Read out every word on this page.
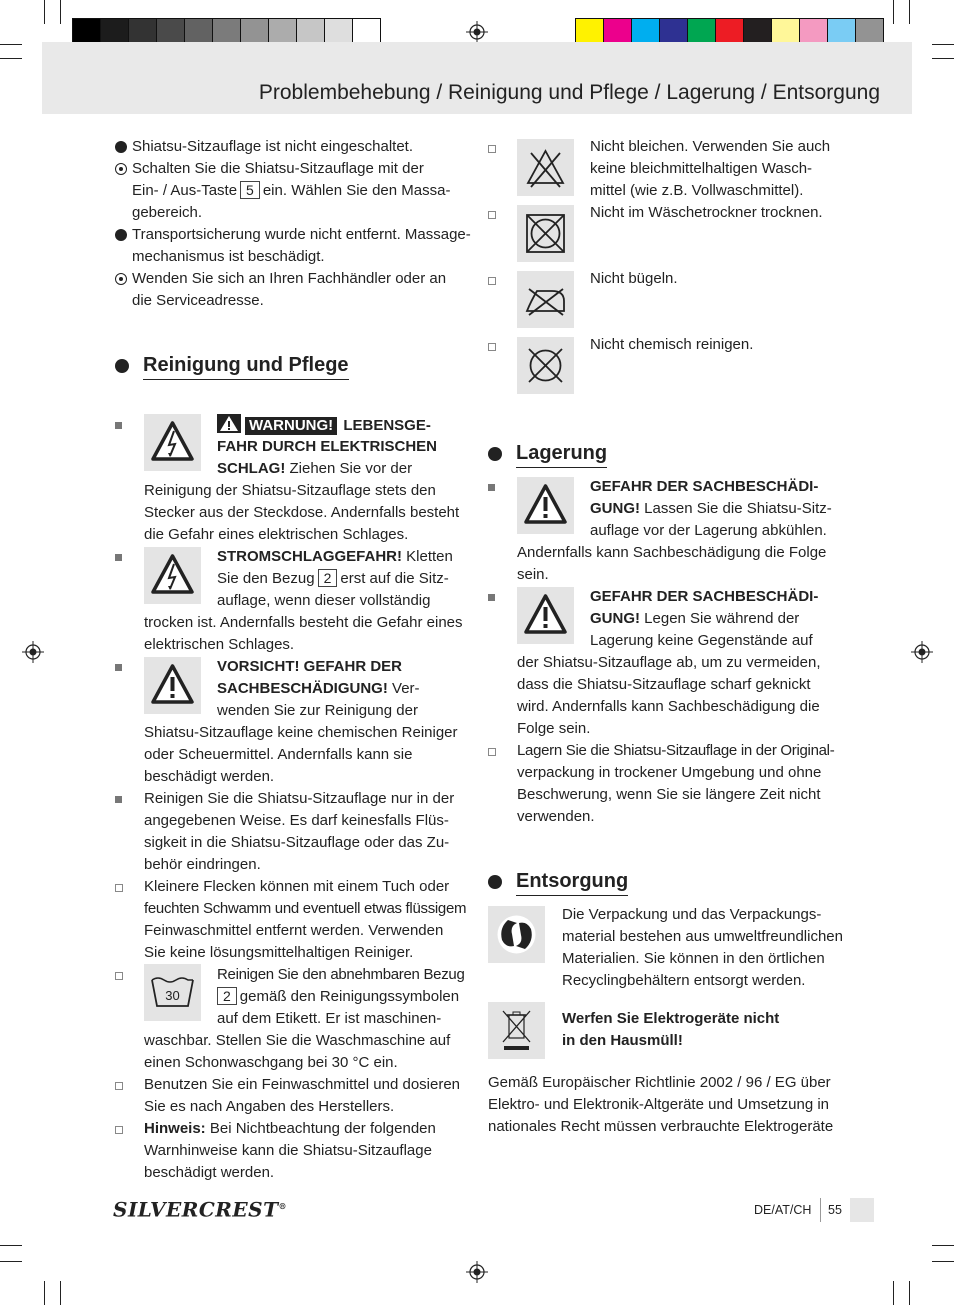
Problembehebung / Reinigung und Pflege / Lagerung / Entsorgung
Shiatsu-Sitzauflage ist nicht eingeschaltet.
Schalten Sie die Shiatsu-Sitzauflage mit der
Ein- / Aus-Taste 5 ein. Wählen Sie den Massa-
gebereich.
Transportsicherung wurde nicht entfernt. Massage-
mechanismus ist beschädigt.
Wenden Sie sich an Ihren Fachhändler oder an
die Serviceadresse.
Reinigung und Pflege
WARNUNG! LEBENSGE-
FAHR DURCH ELEKTRISCHEN
SCHLAG! Ziehen Sie vor der
Reinigung der Shiatsu-Sitzauflage stets den
Stecker aus der Steckdose. Andernfalls besteht
die Gefahr eines elektrischen Schlages.
STROMSCHLAGGEFAHR! Kletten
Sie den Bezug 2 erst auf die Sitz-
auflage, wenn dieser vollständig
trocken ist. Andernfalls besteht die Gefahr eines
elektrischen Schlages.
VORSICHT! GEFAHR DER
SACHBESCHÄDIGUNG! Ver-
wenden Sie zur Reinigung der
Shiatsu-Sitzauflage keine chemischen Reiniger
oder Scheuermittel. Andernfalls kann sie
beschädigt werden.
Reinigen Sie die Shiatsu-Sitzauflage nur in der
angegebenen Weise. Es darf keinesfalls Flüs-
sigkeit in die Shiatsu-Sitzauflage oder das Zu-
behör eindringen.
Kleinere Flecken können mit einem Tuch oder
feuchten Schwamm und eventuell etwas flüssigem
Feinwaschmittel entfernt werden. Verwenden
Sie keine lösungsmittelhaltigen Reiniger.
30
Reinigen Sie den abnehmbaren Bezug
2 gemäß den Reinigungssymbolen
auf dem Etikett. Er ist maschinen-
waschbar. Stellen Sie die Waschmaschine auf
einen Schonwaschgang bei 30 °C ein.
Benutzen Sie ein Feinwaschmittel und dosieren
Sie es nach Angaben des Herstellers.
Hinweis: Bei Nichtbeachtung der folgenden
Warnhinweise kann die Shiatsu-Sitzauflage
beschädigt werden.
Nicht bleichen. Verwenden Sie auch
keine bleichmittelhaltigen Wasch-
mittel (wie z.B. Vollwaschmittel).
Nicht im Wäschetrockner trocknen.
Nicht bügeln.
Nicht chemisch reinigen.
Lagerung
GEFAHR DER SACHBESCHÄDI-
GUNG! Lassen Sie die Shiatsu-Sitz-
auflage vor der Lagerung abkühlen.
Andernfalls kann Sachbeschädigung die Folge
sein.
GEFAHR DER SACHBESCHÄDI-
GUNG! Legen Sie während der
Lagerung keine Gegenstände auf
der Shiatsu-Sitzauflage ab, um zu vermeiden,
dass die Shiatsu-Sitzauflage scharf geknickt
wird. Andernfalls kann Sachbeschädigung die
Folge sein.
Lagern Sie die Shiatsu-Sitzauflage in der Original-
verpackung in trockener Umgebung und ohne
Beschwerung, wenn Sie sie längere Zeit nicht
verwenden.
Entsorgung
Die Verpackung und das Verpackungs-
material bestehen aus umweltfreundlichen
Materialien. Sie können in den örtlichen
Recyclingbehältern entsorgt werden.
Werfen Sie Elektrogeräte nicht
in den Hausmüll!
Gemäß Europäischer Richtlinie 2002 / 96 / EG über
Elektro- und Elektronik-Altgeräte und Umsetzung in
nationales Recht müssen verbrauchte Elektrogeräte
SILVERCREST®	DE/AT/CH 55
